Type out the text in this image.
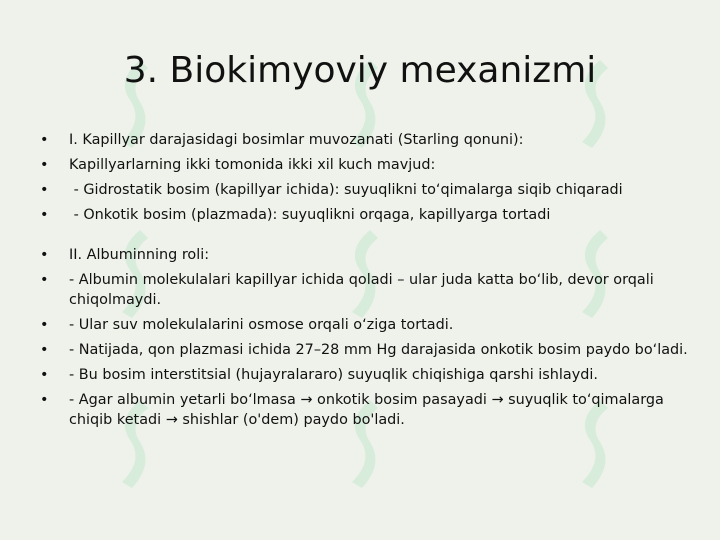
3. Biokimyoviy mexanizmi
•	I. Kapillyar darajasidagi bosimlar muvozanati (Starling qonuni):
•	Kapillyarlarning ikki tomonida ikki xil kuch mavjud:
•	- Gidrostatik bosim (kapillyar ichida): suyuqlikni to‘qimalarga siqib chiqaradi
•	- Onkotik bosim (plazmada): suyuqlikni orqaga, kapillyarga tortadi
•	II. Albuminning roli:
•	- Albumin molekulalari kapillyar ichida qoladi – ular juda katta bo‘lib, devor orqali chiqolmaydi.
•	- Ular suv molekulalarini osmose orqali o‘ziga tortadi.
•	- Natijada, qon plazmasi ichida 27–28 mm Hg darajasida onkotik bosim paydo bo‘ladi.
•	- Bu bosim interstitsial (hujayralararo) suyuqlik chiqishiga qarshi ishlaydi.
•	- Agar albumin yetarli bo‘lmasa → onkotik bosim pasayadi → suyuqlik to‘qimalarga chiqib ketadi → shishlar (o'dem) paydo bo'ladi.
